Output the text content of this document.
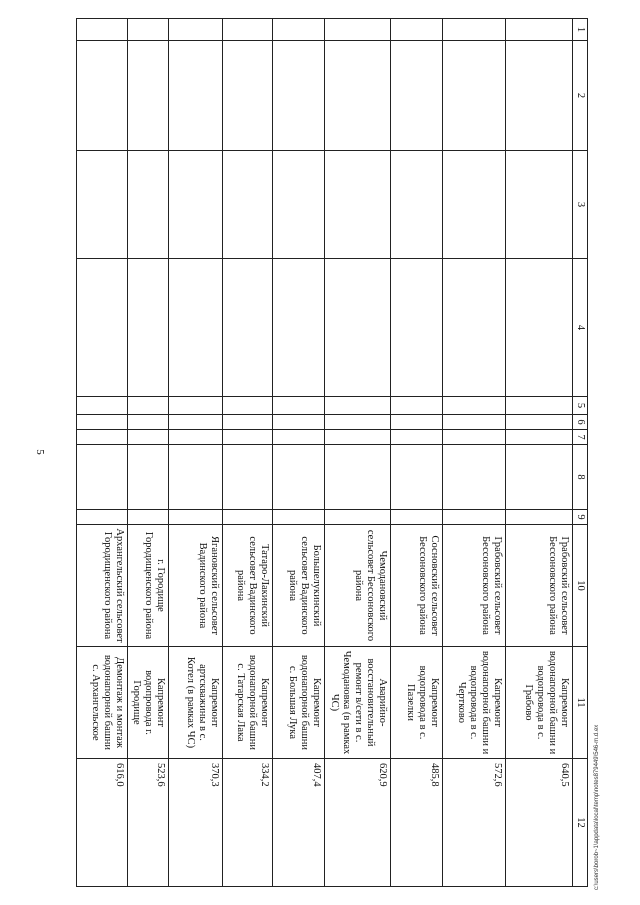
5
1	2	3	4	5	6	7	8	9	10	11	12
									Грабовский сельсовет Бессоновского района	Капремонт водонапорной башни и водопровода в с. Грабово	640,5
									Грабовский сельсовет Бессоновского района	Капремонт водонапорной башни и водопровода в с. Чертково	572,6
									Сосновский сельсовет Бессоновского района	Капремонт водопровода в с. Пазелки	485,8
									Чемодановский сельсовет Бессоновского района	Аварийно-восстановительный ремонт в/сети в с. Чемодановка (в рамках ЧС)	620,9
									Большелукинский сельсовет Вадинского района	Капремонт водонапорной башни с. Большая Лука	407,4
									Татаро-Лакинский сельсовет Вадинского района	Капремонт водонапорной башни с. Татарская Лака	334,2
									Ягановский сельсовет Вадинского района	Капремонт артскважины в с. Котел (в рамках ЧС)	370,3
									г. Городище Городищенского района	Капремонт водопровода г. Городище	523,6
									Архангельский сельсовет Городищенского района	Демонтаж и монтаж водонапорной башни с. Архангельское	616,0	c:\users\borob~1\appdata\local\temp\notes879449\546-m.d.ex
